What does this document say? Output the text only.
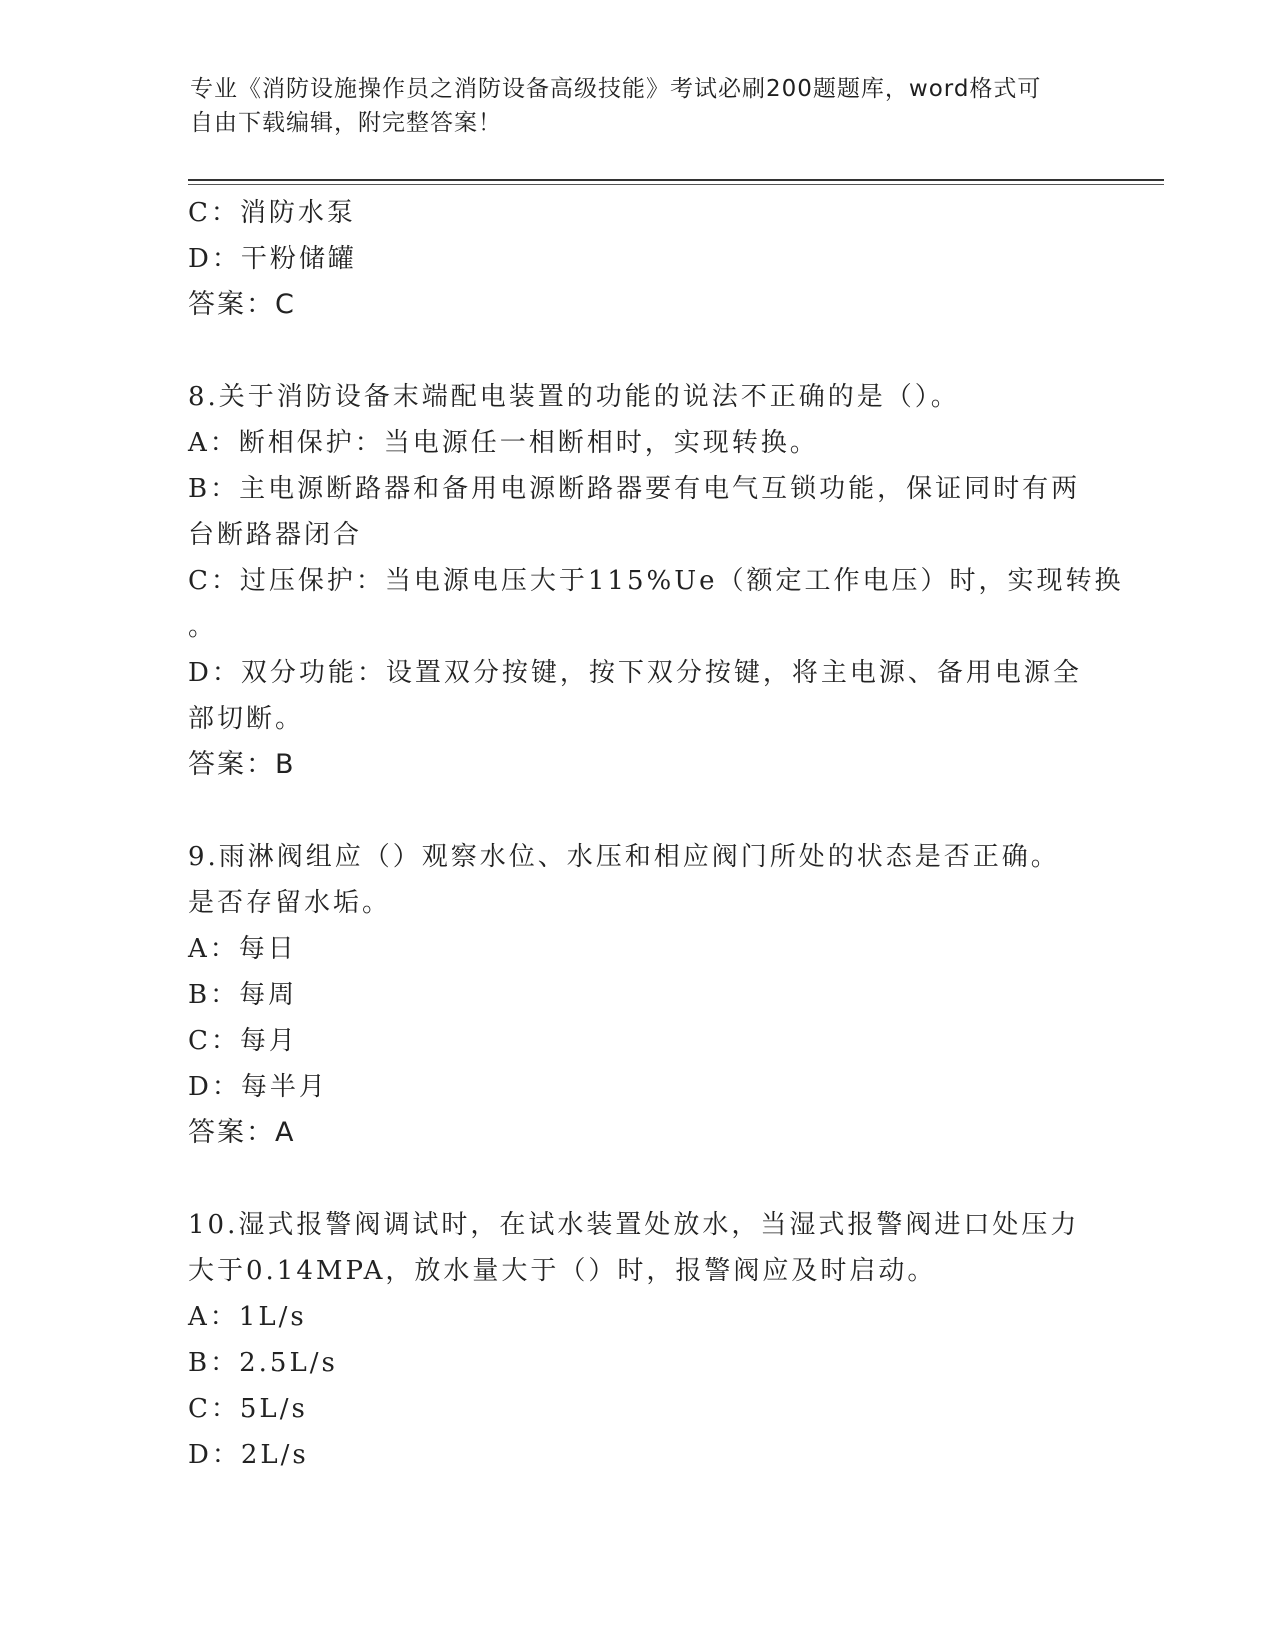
专业《消防设施操作员之消防设备高级技能》考试必刷200题题库，word格式可
自由下载编辑，附完整答案！
C：消防水泵
D：干粉储罐
答案：C
8.关于消防设备末端配电装置的功能的说法不正确的是（）。
A：断相保护：当电源任一相断相时，实现转换。
B：主电源断路器和备用电源断路器要有电气互锁功能，保证同时有两
台断路器闭合
C：过压保护：当电源电压大于115%Ue（额定工作电压）时，实现转换
。
D：双分功能：设置双分按键，按下双分按键，将主电源、备用电源全
部切断。
答案：B
9.雨淋阀组应（）观察水位、水压和相应阀门所处的状态是否正确。
是否存留水垢。
A：每日
B：每周
C：每月
D：每半月
答案：A
10.湿式报警阀调试时，在试水装置处放水，当湿式报警阀进口处压力
大于0.14MPA，放水量大于（）时，报警阀应及时启动。
A：1L/s
B：2.5L/s
C：5L/s
D：2L/s
